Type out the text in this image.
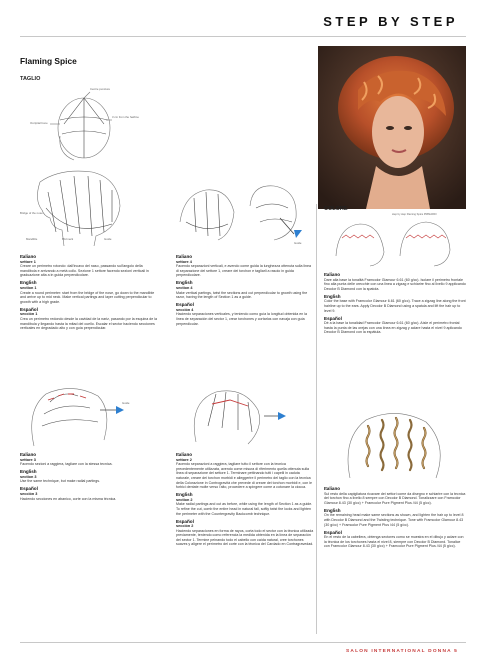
STEP BY STEP
Flaming Spice
TAGLIO
step by step Flaming Spice PRIMARIO
Centre puncture
Occipital bone
3 cm from the hairline
Bridge of the nose
Mandible	Mid neck	Guide
Guide

Italiano
settore 1
Creare un perimetro rotondo: dall'incavo del naso, passando sull'angolo della mandibola e arrivando a metà collo. Sezione 1 settore facendo sezioni verticali in graduazione alta a in guida perpendicolare.

English
section 1
Create a round perimeter: start from the bridge of the nose, go down to the mandible and arrive up to mid neck. Make vertical partings and layer cutting perpendicular to growth with a high grade.

Español
sección 1
Crea un perímetro redondo desde la cavidad de la nariz, pasando por la esquina de la mandíbula y llegando hasta la mitad del cuello. Escalar el sector haciendo secciones verticales en degradado alto y con guía perpendicular.

Italiano
settore 4
Facendo separazioni verticali, e avendo come guida la lunghezza ottenuta sulla linea di separazione del settore 1, creare dei torchon e tagliarli a rasoio in guida perpendicolare.

English
section 4
Make vertical partings, twist the sections and cut perpendicular to growth using the razor, having the length of Section 1 as a guide.

Español
sección 4
Haciendo separaciones verticales, y teniendo como guía la longitud obtenida en la línea de separación del sector 1, crear torchones y cortarlos con navaja con guía perpendicular.

COLORE

Italiano
Dare alla base la tonalità Framcolor Glamour 6.61 (60 g/cc). Isolare il perimetro frontale fino alla punta delle orecchie con una linea a zigzag e schiarire fino al livello 9 applicando Decolor B Diamond con la spatola.

English
Color the base with Framcolor Glamour 6.61 (60 g/cc). Trace a zigzag line along the front hairline up to the ears. Apply Decolor B Diamond using a spatula and lift the hair up to level 9.

Español
Dé a la base la tonalidad Framcolor Glamour 6.61 (60 g/cc). Aísle el perímetro frontal hasta la punta de las orejas con una línea en zigzag y aclare hasta el nivel 9 aplicando Decolor B Diamond con la espátula.

Guide

Italiano
settore 3
Facendo sezioni a raggiera, tagliare con la stessa tecnica.

English
section 3
Use the same technique, but make radial partings.

Español
sección 3
Haciendo secciones en abanico, corte con la misma técnica.

Italiano
settore 2
Facendo separazioni a raggiera, tagliare tutto il settore con la tecnica precedentemente utilizzata, avendo come misura di riferimento quella ottenuta sulla linea di separazione del settore 1. Terminare pettinando tutti i capelli in caduta naturale, creare dei torchon morbidi e alleggerire il perimetro del taglio con la tecnica della Colorazione in Controgravità che prevede di creare dei torchon morbidi e, con le forbici dentate molte verso l'alto, procedere a spingere come a cotonare la ciocca.

English
section 2
Make radial partings and cut as before, while using the length of Section 1 as a guide. To refine the cut, comb the entire head in natural fall, softly twist the locks and lighten the perimeter with the Countergravity Backcomb technique.

Español
sección 2
Haciendo separaciones en forma de rayos, corta todo el sector con la técnica utilizada previamente, teniendo como referencia la medida obtenida en la línea de separación del sector 1. Termine peinando todo el cabello con caída natural, cree torchones suaves y aligere el perímetro del corte con la técnica del Cardado en Contragravedad.

Italiano
Sul resto della capigliatura ricavare dei settori come da disegno e schiarire con la tecnica del torchon fino a livello 8 sempre con Decolor B Diamond. Tonalizzare con Framcolor Glamour 8.43 (30 g/cc) + Framcolor Pure Pigment Plus /44 (5 g/cc).

English
On the remaining head make same sections as shown, and lighten the hair up to level 8 with Decolor B Diamond and the Twisting technique. Tone with Framcolor Glamour 8.43 (30 g/cc) + Framcolor Pure Pigment Plus /44 (5 g/cc).

Español
En el resto de la cabellera, obtenga sectores como se muestra en el dibujo y aclare con la técnica de los torchones hasta el nivel 8, siempre con Decolor B Diamond. Tonalice con Framcolor Glamour 8.43 (30 g/cc) + Framcolor Pure Pigment Plus /44 (5 g/cc).

SALON INTERNATIONAL DONNA 5
